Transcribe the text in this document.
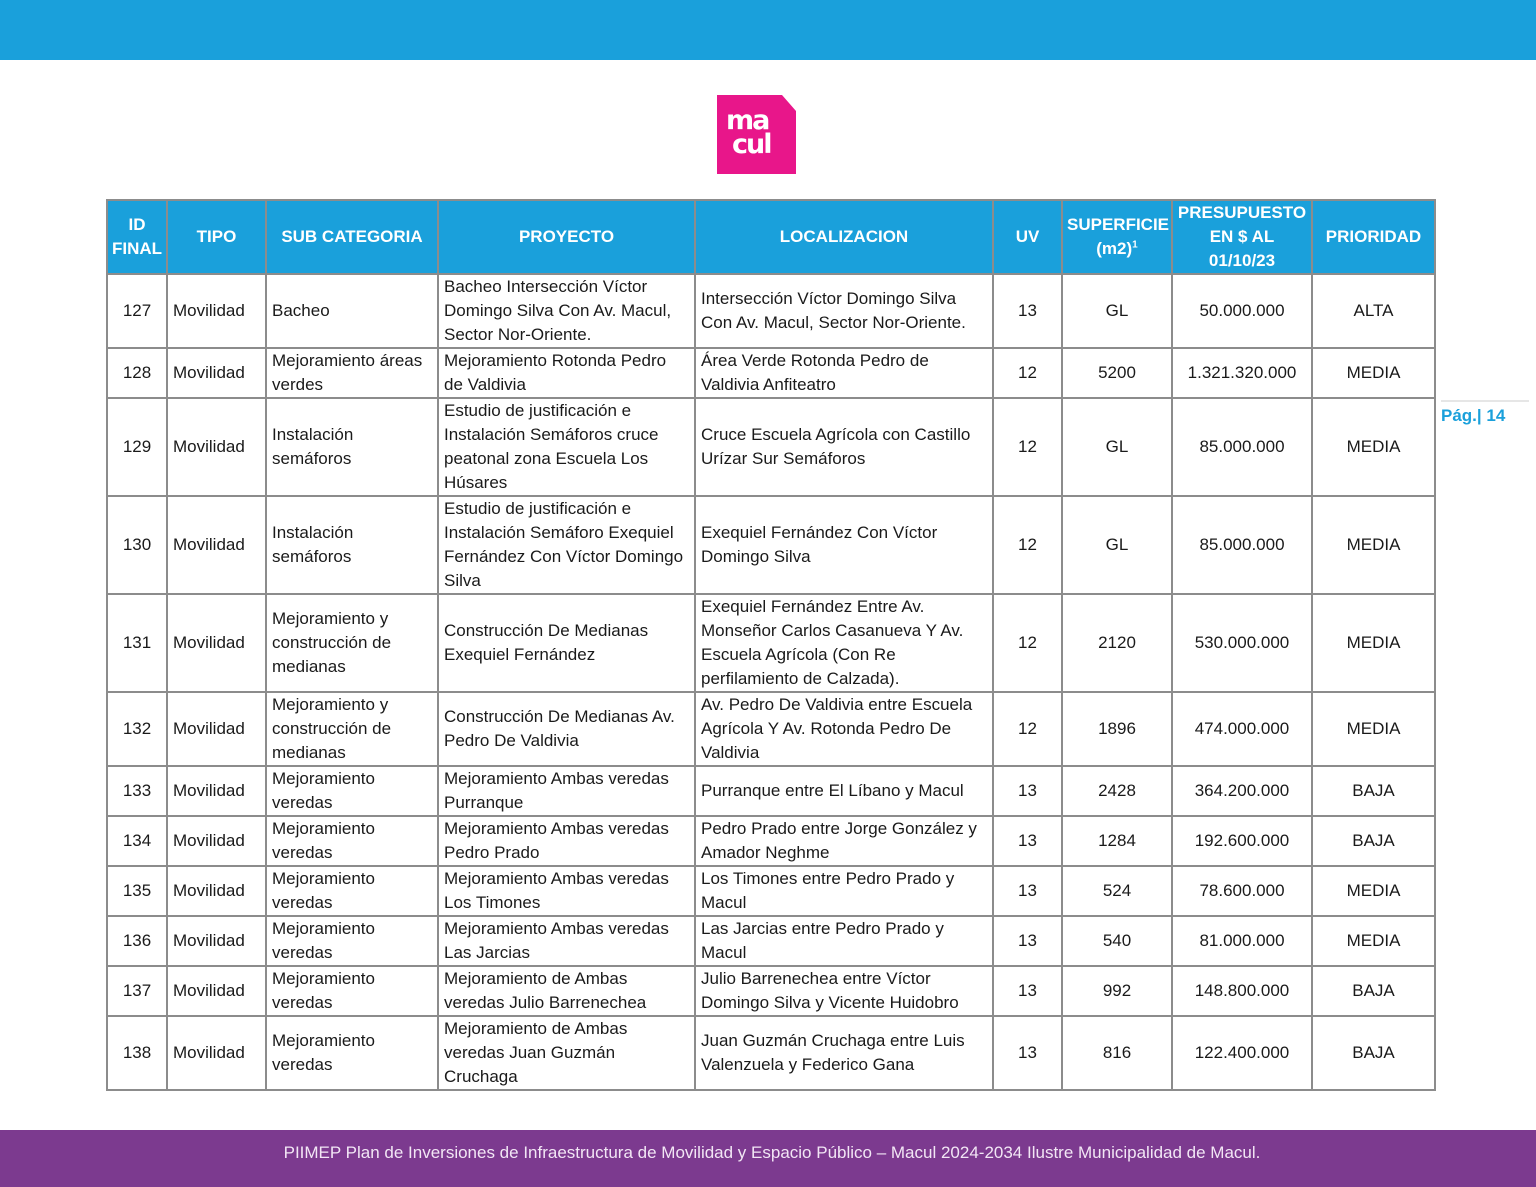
ma
cul
Pág.| 14
ID FINAL	TIPO	SUB CATEGORIA	PROYECTO	LOCALIZACION	UV	SUPERFICIE $(m2)^1$	PRESUPUESTO EN $ AL 01/10/23	PRIORIDAD
127	Movilidad	Bacheo	Bacheo Intersección Víctor Domingo Silva Con Av. Macul, Sector Nor-Oriente.	Intersección Víctor Domingo Silva Con Av. Macul, Sector Nor-Oriente.	13	GL	50.000.000	ALTA
128	Movilidad	Mejoramiento áreas verdes	Mejoramiento Rotonda Pedro de Valdivia	Área Verde Rotonda Pedro de Valdivia Anfiteatro	12	5200	1.321.320.000	MEDIA
129	Movilidad	Instalación semáforos	Estudio de justificación e Instalación Semáforos cruce peatonal zona Escuela Los Húsares	Cruce Escuela Agrícola con Castillo Urízar Sur Semáforos	12	GL	85.000.000	MEDIA
130	Movilidad	Instalación semáforos	Estudio de justificación e Instalación Semáforo Exequiel Fernández Con Víctor Domingo Silva	Exequiel Fernández Con Víctor Domingo Silva	12	GL	85.000.000	MEDIA
131	Movilidad	Mejoramiento y construcción de medianas	Construcción De Medianas Exequiel Fernández	Exequiel Fernández Entre Av. Monseñor Carlos Casanueva Y Av. Escuela Agrícola (Con Re perfilamiento de Calzada).	12	2120	530.000.000	MEDIA
132	Movilidad	Mejoramiento y construcción de medianas	Construcción De Medianas Av. Pedro De Valdivia	Av. Pedro De Valdivia entre Escuela Agrícola Y Av. Rotonda Pedro De Valdivia	12	1896	474.000.000	MEDIA
133	Movilidad	Mejoramiento veredas	Mejoramiento Ambas veredas Purranque	Purranque entre El Líbano y Macul	13	2428	364.200.000	BAJA
134	Movilidad	Mejoramiento veredas	Mejoramiento Ambas veredas Pedro Prado	Pedro Prado entre Jorge González y Amador Neghme	13	1284	192.600.000	BAJA
135	Movilidad	Mejoramiento veredas	Mejoramiento Ambas veredas Los Timones	Los Timones entre Pedro Prado y Macul	13	524	78.600.000	MEDIA
136	Movilidad	Mejoramiento veredas	Mejoramiento Ambas veredas Las Jarcias	Las Jarcias entre Pedro Prado y Macul	13	540	81.000.000	MEDIA
137	Movilidad	Mejoramiento veredas	Mejoramiento de Ambas veredas Julio Barrenechea	Julio Barrenechea entre Víctor Domingo Silva y Vicente Huidobro	13	992	148.800.000	BAJA
138	Movilidad	Mejoramiento veredas	Mejoramiento de Ambas veredas Juan Guzmán Cruchaga	Juan Guzmán Cruchaga entre Luis Valenzuela y Federico Gana	13	816	122.400.000	BAJA
PIIMEP Plan de Inversiones de Infraestructura de Movilidad y Espacio Público – Macul 2024-2034 Ilustre Municipalidad de Macul.
